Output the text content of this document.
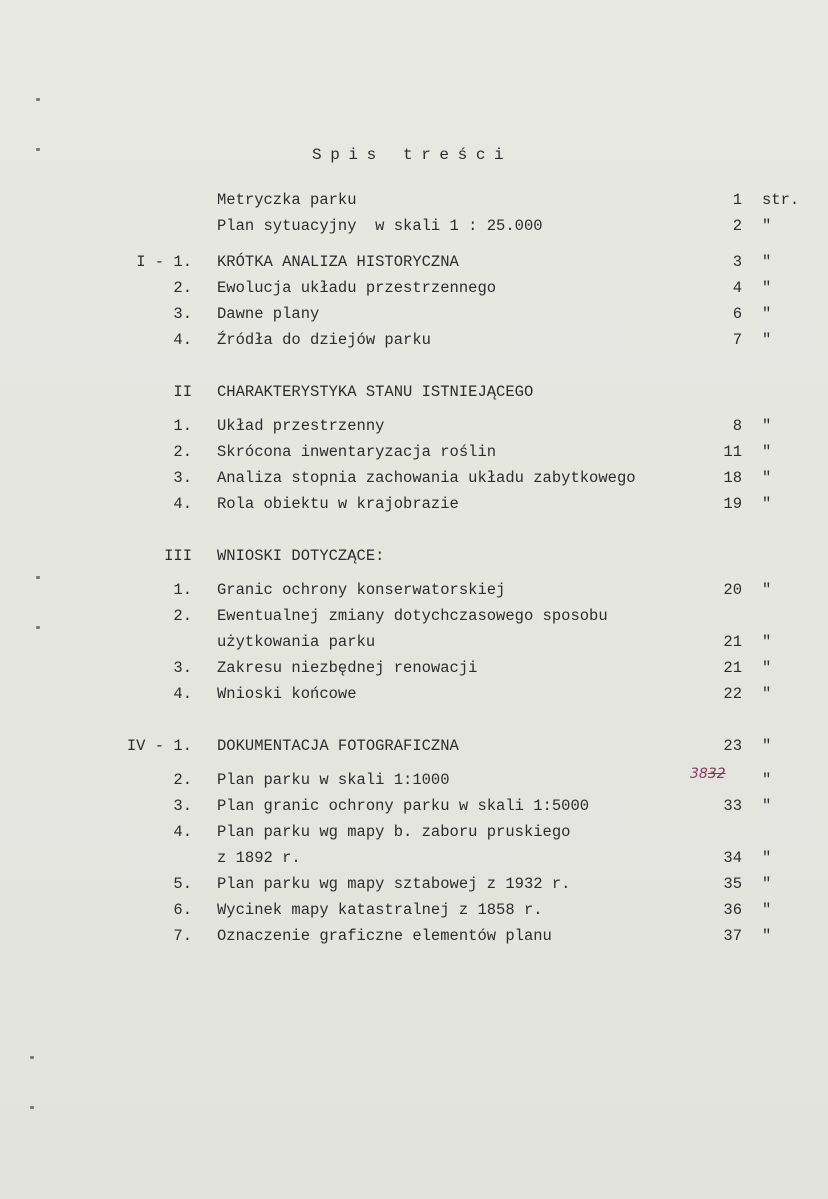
Spis treści
Metryczka parku	1 str.
Plan sytuacyjny  w skali 1 : 25.000	2 "
I - 1. KRÓTKA ANALIZA HISTORYCZNA	3 "
2. Ewolucja układu przestrzennego	4 "
3. Dawne plany	6 "
4. Źródła do dziejów parku	7 "
II CHARAKTERYSTYKA STANU ISTNIEJĄCEGO
1. Układ przestrzenny	8 "
2. Skrócona inwentaryzacja roślin	11 "
3. Analiza stopnia zachowania układu zabytkowego	18 "
4. Rola obiektu w krajobrazie	19 "
III WNIOSKI DOTYCZĄCE:
1. Granic ochrony konserwatorskiej	20 "
2. Ewentualnej zmiany dotychczasowego sposobu
użytkowania parku	21 "
3. Zakresu niezbędnej renowacji	21 "
4. Wnioski końcowe	22 "
IV - 1. DOKUMENTACJA FOTOGRAFICZNA	23 "
2. Plan parku w skali 1:1000	"
3. Plan granic ochrony parku w skali 1:5000	33 "
4. Plan parku wg mapy b. zaboru pruskiego
z 1892 r.	34 "
5. Plan parku wg mapy sztabowej z 1932 r.	35 "
6. Wycinek mapy katastralnej z 1858 r.	36 "
7. Oznaczenie graficzne elementów planu	37 "
3832
